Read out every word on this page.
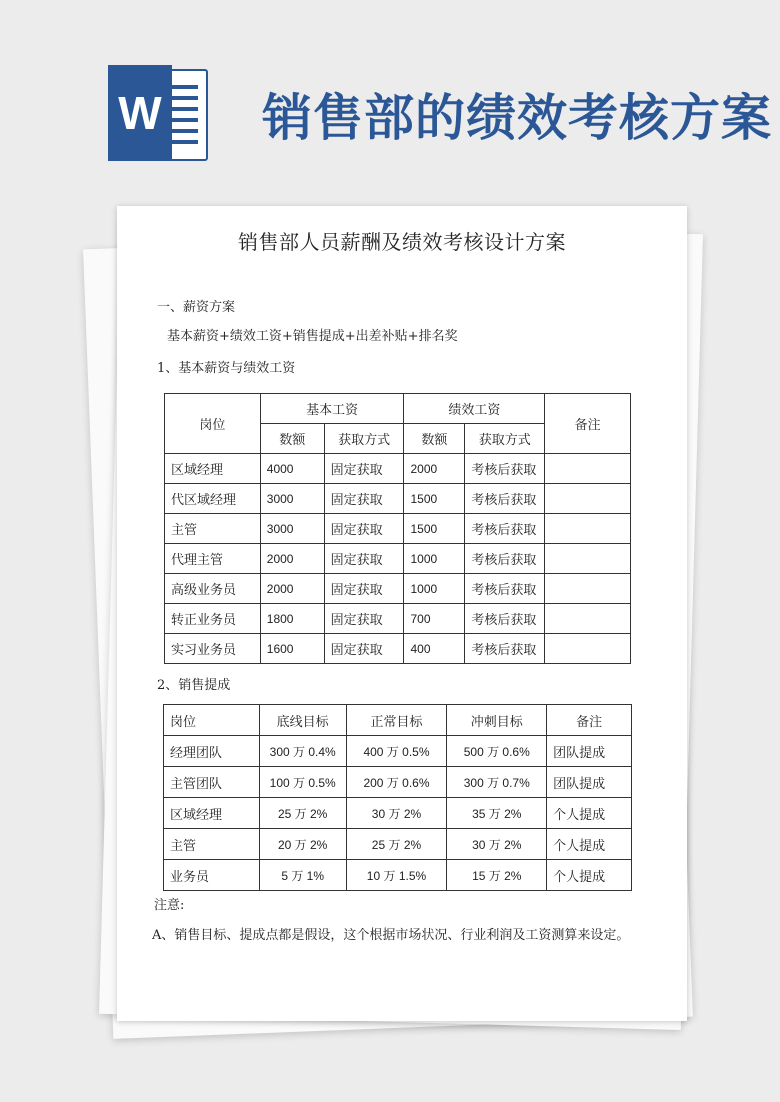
W 销售部的绩效考核方案
销售部人员薪酬及绩效考核设计方案
一、薪资方案
基本薪资+绩效工资+销售提成+出差补贴+排名奖
1、基本薪资与绩效工资
岗位	基本工资		绩效工资		备注
	数额	获取方式	数额	获取方式	
区域经理	4000	固定获取	2000	考核后获取	
代区域经理	3000	固定获取	1500	考核后获取	
主管	3000	固定获取	1500	考核后获取	
代理主管	2000	固定获取	1000	考核后获取	
高级业务员	2000	固定获取	1000	考核后获取	
转正业务员	1800	固定获取	700	考核后获取	
实习业务员	1600	固定获取	400	考核后获取	
2、销售提成
岗位	底线目标	正常目标	冲刺目标	备注
经理团队	300 万 0.4%	400 万 0.5%	500 万 0.6%	团队提成
主管团队	100 万 0.5%	200 万 0.6%	300 万 0.7%	团队提成
区域经理	25 万 2%	30 万 2%	35 万 2%	个人提成
主管	20 万 2%	25 万 2%	30 万 2%	个人提成
业务员	5 万 1%	10 万 1.5%	15 万 2%	个人提成
注意:
A、销售目标、提成点都是假设，这个根据市场状况、行业利润及工资测算来设定。
